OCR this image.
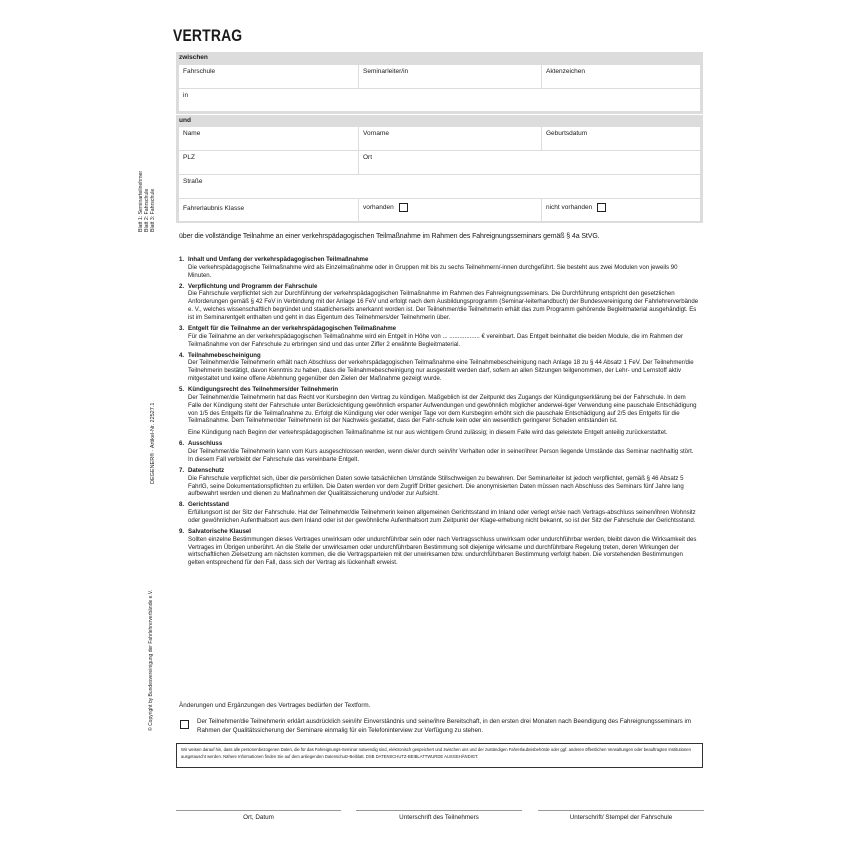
Blatt 1: Seminarteilnehmer Blatt 2: Fahrschule Blatt 3: Fahrschule
DEGENER® · Artikel-Nr. 22527.1
© Copyright by Bundesvereinigung der Fahrlehrerverbände e.V.
VERTRAG
zwischen
Fahrschule	Seminarleiter/in	Aktenzeichen
in
und
Name	Vorname	Geburtsdatum
PLZ	Ort
Straße
Fahrerlaubnis Klasse	vorhanden	nicht vorhanden
über die vollständige Teilnahme an einer verkehrspädagogischen Teilmaßnahme im Rahmen des Fahreignungsseminars gemäß § 4a StVG.
1. Inhalt und Umfang der verkehrspädagogischen Teilmaßnahme
Die verkehrspädagogische Teilmaßnahme wird als Einzelmaßnahme oder in Gruppen mit bis zu sechs Teilnehmern/-innen durchgeführt. Sie besteht aus zwei Modulen von jeweils 90 Minuten.
2. Verpflichtung und Programm der Fahrschule
Die Fahrschule verpflichtet sich zur Durchführung der verkehrspädagogischen Teilmaßnahme im Rahmen des Fahreignungsseminars. Die Durchführung entspricht den gesetzlichen Anforderungen gemäß § 42 FeV in Verbindung mit der Anlage 16 FeV und erfolgt nach dem Ausbildungsprogramm (Seminar-leiterhandbuch) der Bundesvereinigung der Fahrlehrerverbände e. V., welches wissenschaftlich begründet und staatlicherseits anerkannt worden ist. Der Teilnehmer/die Teilnehmerin erhält das zum Programm gehörende Begleitmaterial ausgehändigt. Es ist im Seminarentgelt enthalten und geht in das Eigentum des Teilnehmers/der Teilnehmerin über.
3. Entgelt für die Teilnahme an der verkehrspädagogischen Teilmaßnahme
Für die Teilnahme an der verkehrspädagogischen Teilmaßnahme wird ein Entgelt in Höhe von ... .................. € vereinbart. Das Entgelt beinhaltet die beiden Module, die im Rahmen der Teilmaßnahme von der Fahrschule zu erbringen sind und das unter Ziffer 2 erwähnte Begleitmaterial.
4. Teilnahmebescheinigung
Der Teilnehmer/die Teilnehmerin erhält nach Abschluss der verkehrspädagogischen Teilmaßnahme eine Teilnahmebescheinigung nach Anlage 18 zu § 44 Absatz 1 FeV. Der Teilnehmer/die Teilnehmerin bestätigt, davon Kenntnis zu haben, dass die Teilnahmebescheinigung nur ausgestellt werden darf, sofern an allen Sitzungen teilgenommen, der Lehr- und Lernstoff aktiv mitgestaltet und keine offene Ablehnung gegenüber den Zielen der Maßnahme gezeigt wurde.
5. Kündigungsrecht des Teilnehmers/der Teilnehmerin
Der Teilnehmer/die Teilnehmerin hat das Recht vor Kursbeginn den Vertrag zu kündigen. Maßgeblich ist der Zeitpunkt des Zugangs der Kündigungserklärung bei der Fahrschule. In dem Falle der Kündigung steht der Fahrschule unter Berücksichtigung gewöhnlich ersparter Aufwendungen und gewöhnlich möglicher anderwei-tiger Verwendung eine pauschale Entschädigung von 1/5 des Entgelts für die Teilmaßnahme zu. Erfolgt die Kündigung vier oder weniger Tage vor dem Kursbeginn erhöht sich die pauschale Entschädigung auf 2/5 des Entgelts für die Teilmaßnahme. Dem Teilnehmer/der Teilnehmerin ist der Nachweis gestattet, dass der Fahr-schule kein oder ein wesentlich geringerer Schaden entstanden ist.
Eine Kündigung nach Beginn der verkehrspädagogischen Teilmaßnahme ist nur aus wichtigem Grund zulässig; in diesem Falle wird das geleistete Entgelt anteilig zurückerstattet.
6. Ausschluss
Der Teilnehmer/die Teilnehmerin kann vom Kurs ausgeschlossen werden, wenn die/er durch sein/ihr Verhalten oder in seiner/ihrer Person liegende Umstände das Seminar nachhaltig stört. In diesem Fall verbleibt der Fahrschule das vereinbarte Entgelt.
7. Datenschutz
Die Fahrschule verpflichtet sich, über die persönlichen Daten sowie tatsächlichen Umstände Stillschweigen zu bewahren. Der Seminarleiter ist jedoch verpflichtet, gemäß § 46 Absatz 5 FahrlG, seine Dokumentationspflichten zu erfüllen. Die Daten werden vor dem Zugriff Dritter gesichert. Die anonymisierten Daten müssen nach Abschluss des Seminars fünf Jahre lang aufbewahrt werden und dienen zu Maßnahmen der Qualitätssicherung und/oder zur Aufsicht.
8. Gerichtsstand
Erfüllungsort ist der Sitz der Fahrschule. Hat der Teilnehmer/die Teilnehmerin keinen allgemeinen Gerichtsstand im Inland oder verlegt er/sie nach Vertrags-abschluss seinen/ihren Wohnsitz oder gewöhnlichen Aufenthaltsort aus dem Inland oder ist der gewöhnliche Aufenthaltsort zum Zeitpunkt der Klage-erhebung nicht bekannt, so ist der Sitz der Fahrschule der Gerichtsstand.
9. Salvatorische Klausel
Sollten einzelne Bestimmungen dieses Vertrages unwirksam oder undurchführbar sein oder nach Vertragsschluss unwirksam oder undurchführbar werden, bleibt davon die Wirksamkeit des Vertrages im Übrigen unberührt. An die Stelle der unwirksamen oder undurchführbaren Bestimmung soll diejenige wirksame und durchführbare Regelung treten, deren Wirkungen der wirtschaftlichen Zielsetzung am nächsten kommen, die die Vertragsparteien mit der unwirksamen bzw. undurchführbaren Bestimmung verfolgt haben. Die vorstehenden Bestimmungen gelten entsprechend für den Fall, dass sich der Vertrag als lückenhaft erweist.
Änderungen und Ergänzungen des Vertrages bedürfen der Textform.
Der Teilnehmer/die Teilnehmerin erklärt ausdrücklich sein/ihr Einverständnis und seine/ihre Bereitschaft, in den ersten drei Monaten nach Beendigung des Fahreignungsseminars im Rahmen der Qualitätssicherung der Seminare einmalig für ein Telefoninterview zur Verfügung zu stehen.
Wir weisen darauf hin, dass alle personenbezogenen Daten, die für das Fahreignungs-Seminar notwendig sind, elektronisch gespeichert und zwischen uns und der zuständigen Fahrerlaubnisbehörde oder ggf. anderen öffentlichen Verwaltungen oder beauftragten Institutionen ausgetauscht werden. Nähere Informationen finden Sie auf dem anliegenden Datenschutz-Beiblatt. DSB DATENSCHUTZ-BEIBLATTWURDE AUSGEHÄNDIGT.
Ort, Datum	Unterschrift des Teilnehmers	Unterschrift/ Stempel der Fahrschule
